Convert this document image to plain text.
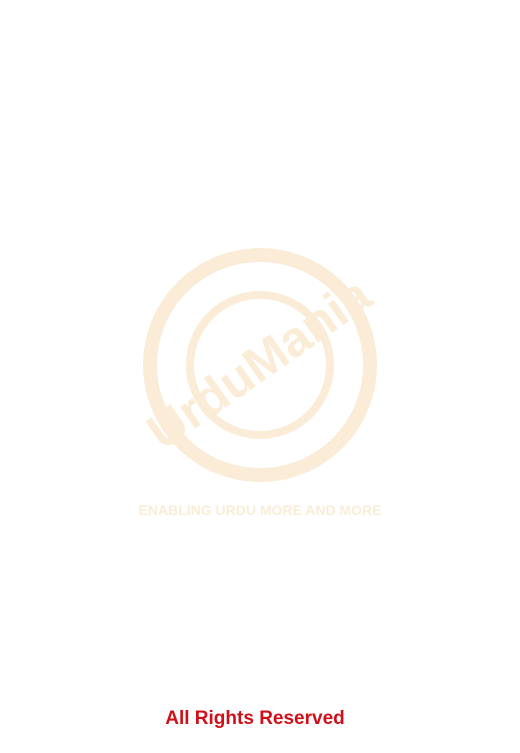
UrduMania
ENABLING URDU MORE AND MORE
All Rights Reserved
